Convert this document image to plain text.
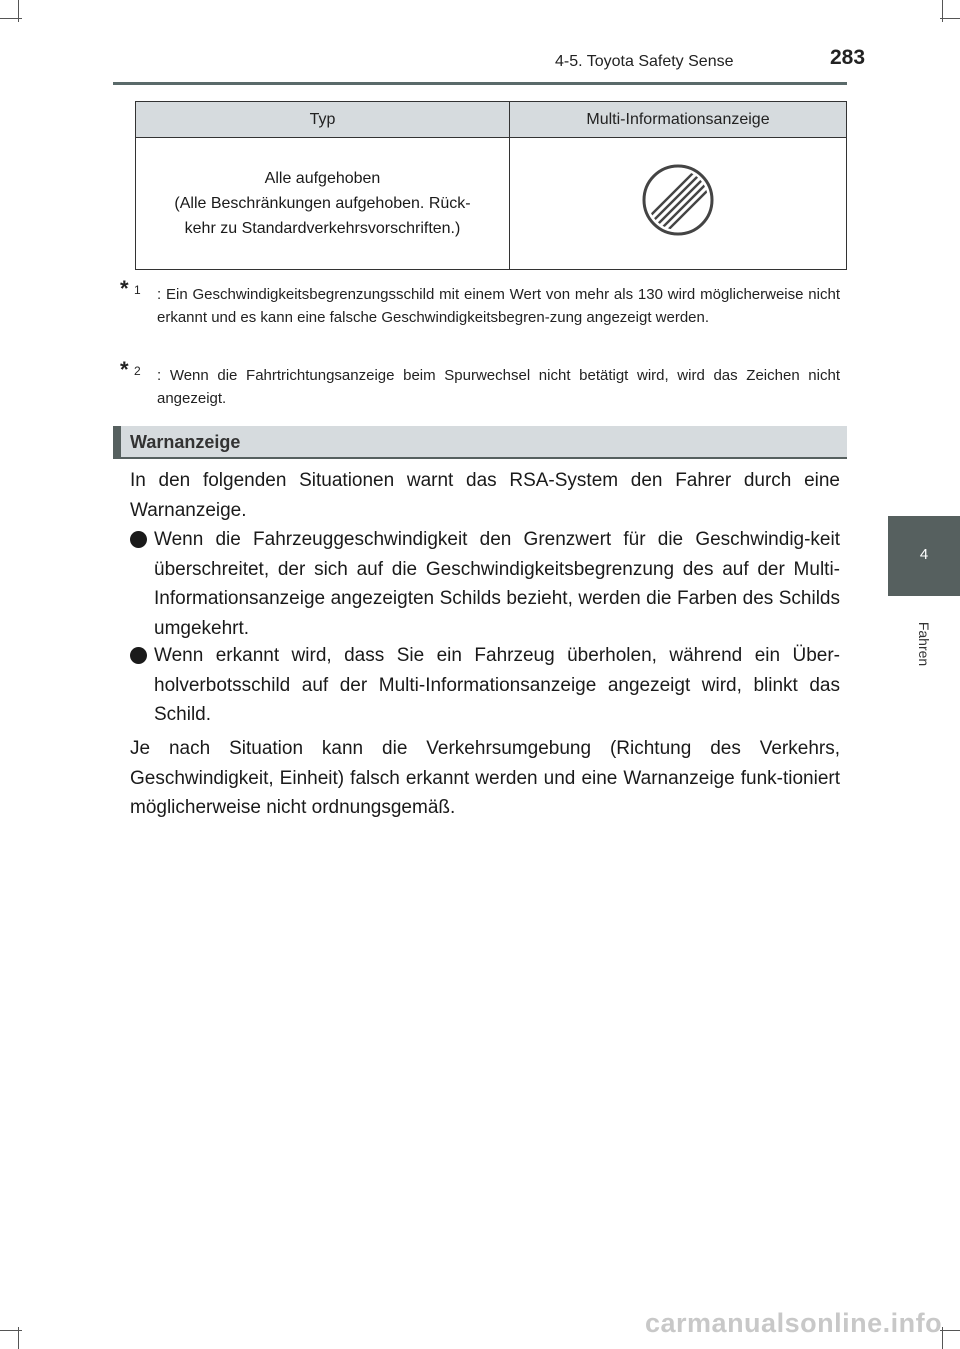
4-5. Toyota Safety Sense	283
4
Fahren
Typ	Multi-Informationsanzeige

Alle aufgehoben
(Alle Beschränkungen aufgehoben. Rück-
kehr zu Standardverkehrsvorschriften.)

* 1 : Ein Geschwindigkeitsbegrenzungsschild mit einem Wert von mehr als 130 wird möglicherweise nicht erkannt und es kann eine falsche Geschwindigkeitsbegren-zung angezeigt werden.
* 2 : Wenn die Fahrtrichtungsanzeige beim Spurwechsel nicht betätigt wird, wird das Zeichen nicht angezeigt.
Warnanzeige
In den folgenden Situationen warnt das RSA-System den Fahrer durch eine Warnanzeige.
Wenn die Fahrzeuggeschwindigkeit den Grenzwert für die Geschwindig-keit überschreitet, der sich auf die Geschwindigkeitsbegrenzung des auf der Multi-Informationsanzeige angezeigten Schilds bezieht, werden die Farben des Schilds umgekehrt.
Wenn erkannt wird, dass Sie ein Fahrzeug überholen, während ein Über-holverbotsschild auf der Multi-Informationsanzeige angezeigt wird, blinkt das Schild.
Je nach Situation kann die Verkehrsumgebung (Richtung des Verkehrs, Geschwindigkeit, Einheit) falsch erkannt werden und eine Warnanzeige funk-tioniert möglicherweise nicht ordnungsgemäß.
carmanualsonline.info
